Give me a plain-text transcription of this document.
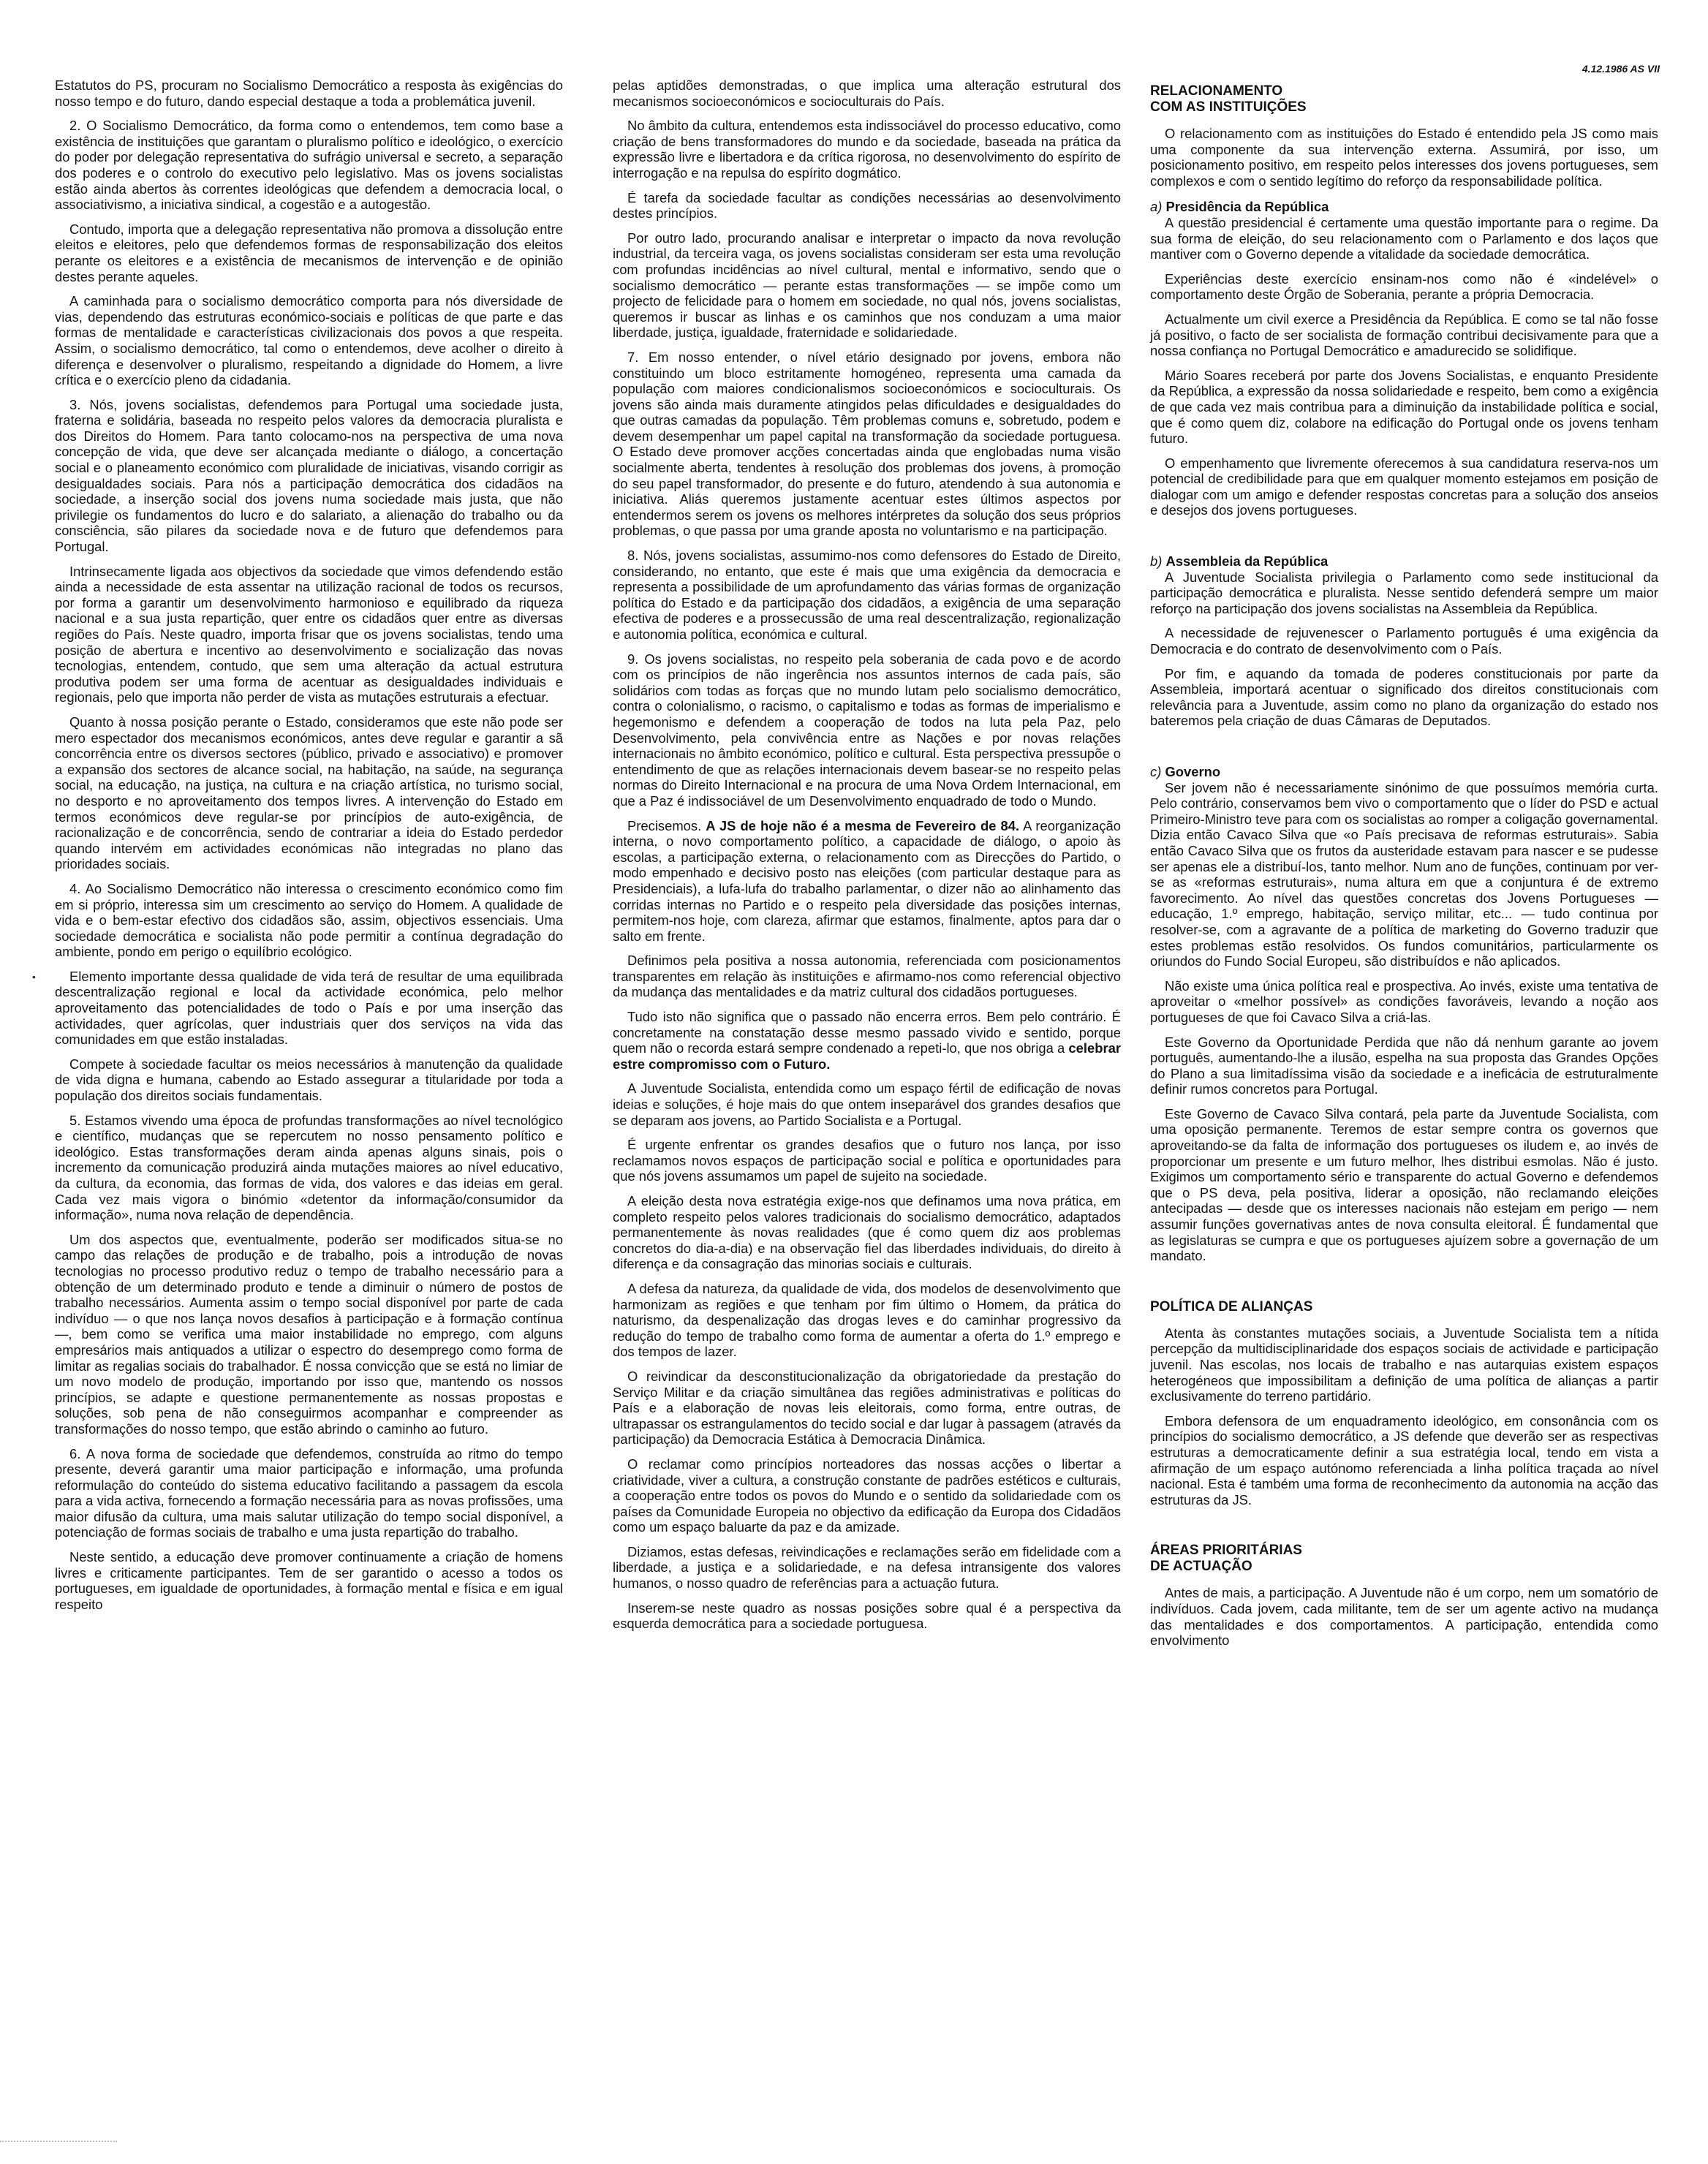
4.12.1986 AS VII

Estatutos do PS, procuram no Socialismo Democrático a resposta às exigências do nosso tempo e do futuro, dando especial destaque a toda a problemática juvenil.

2. O Socialismo Democrático, da forma como o entendemos, tem como base a existência de instituições que garantam o pluralismo político e ideológico, o exercício do poder por delegação representativa do sufrágio universal e secreto, a separação dos poderes e o controlo do executivo pelo legislativo. Mas os jovens socialistas estão ainda abertos às correntes ideológicas que defendem a democracia local, o associativismo, a iniciativa sindical, a cogestão e a autogestão.

Contudo, importa que a delegação representativa não promova a dissolução entre eleitos e eleitores, pelo que defendemos formas de responsabilização dos eleitos perante os eleitores e a existência de mecanismos de intervenção e de opinião destes perante aqueles.

A caminhada para o socialismo democrático comporta para nós diversidade de vias, dependendo das estruturas económico-sociais e políticas de que parte e das formas de mentalidade e características civilizacionais dos povos a que respeita. Assim, o socialismo democrático, tal como o entendemos, deve acolher o direito à diferença e desenvolver o pluralismo, respeitando a dignidade do Homem, a livre crítica e o exercício pleno da cidadania.

3. Nós, jovens socialistas, defendemos para Portugal uma sociedade justa, fraterna e solidária, baseada no respeito pelos valores da democracia pluralista e dos Direitos do Homem. Para tanto colocamo-nos na perspectiva de uma nova concepção de vida, que deve ser alcançada mediante o diálogo, a concertação social e o planeamento económico com pluralidade de iniciativas, visando corrigir as desigualdades sociais. Para nós a participação democrática dos cidadãos na sociedade, a inserção social dos jovens numa sociedade mais justa, que não privilegie os fundamentos do lucro e do salariato, a alienação do trabalho ou da consciência, são pilares da sociedade nova e de futuro que defendemos para Portugal.

Intrinsecamente ligada aos objectivos da sociedade que vimos defendendo estão ainda a necessidade de esta assentar na utilização racional de todos os recursos, por forma a garantir um desenvolvimento harmonioso e equilibrado da riqueza nacional e a sua justa repartição, quer entre os cidadãos quer entre as diversas regiões do País. Neste quadro, importa frisar que os jovens socialistas, tendo uma posição de abertura e incentivo ao desenvolvimento e socialização das novas tecnologias, entendem, contudo, que sem uma alteração da actual estrutura produtiva podem ser uma forma de acentuar as desigualdades individuais e regionais, pelo que importa não perder de vista as mutações estruturais a efectuar.

Quanto à nossa posição perante o Estado, consideramos que este não pode ser mero espectador dos mecanismos económicos, antes deve regular e garantir a sã concorrência entre os diversos sectores (público, privado e associativo) e promover a expansão dos sectores de alcance social, na habitação, na saúde, na segurança social, na educação, na justiça, na cultura e na criação artística, no turismo social, no desporto e no aproveitamento dos tempos livres. A intervenção do Estado em termos económicos deve regular-se por princípios de auto-exigência, de racionalização e de concorrência, sendo de contrariar a ideia do Estado perdedor quando intervém em actividades económicas não integradas no plano das prioridades sociais.

4. Ao Socialismo Democrático não interessa o crescimento económico como fim em si próprio, interessa sim um crescimento ao serviço do Homem. A qualidade de vida e o bem-estar efectivo dos cidadãos são, assim, objectivos essenciais. Uma sociedade democrática e socialista não pode permitir a contínua degradação do ambiente, pondo em perigo o equilíbrio ecológico.

Elemento importante dessa qualidade de vida terá de resultar de uma equilibrada descentralização regional e local da actividade económica, pelo melhor aproveitamento das potencialidades de todo o País e por uma inserção das actividades, quer agrícolas, quer industriais quer dos serviços na vida das comunidades em que estão instaladas.

Compete à sociedade facultar os meios necessários à manutenção da qualidade de vida digna e humana, cabendo ao Estado assegurar a titularidade por toda a população dos direitos sociais fundamentais.

5. Estamos vivendo uma época de profundas transformações ao nível tecnológico e científico, mudanças que se repercutem no nosso pensamento político e ideológico. Estas transformações deram ainda apenas alguns sinais, pois o incremento da comunicação produzirá ainda mutações maiores ao nível educativo, da cultura, da economia, das formas de vida, dos valores e das ideias em geral. Cada vez mais vigora o binómio «detentor da informação/consumidor da informação», numa nova relação de dependência.

Um dos aspectos que, eventualmente, poderão ser modificados situa-se no campo das relações de produção e de trabalho, pois a introdução de novas tecnologias no processo produtivo reduz o tempo de trabalho necessário para a obtenção de um determinado produto e tende a diminuir o número de postos de trabalho necessários. Aumenta assim o tempo social disponível por parte de cada indivíduo — o que nos lança novos desafios à participação e à formação contínua —, bem como se verifica uma maior instabilidade no emprego, com alguns empresários mais antiquados a utilizar o espectro do desemprego como forma de limitar as regalias sociais do trabalhador. É nossa convicção que se está no limiar de um novo modelo de produção, importando por isso que, mantendo os nossos princípios, se adapte e questione permanentemente as nossas propostas e soluções, sob pena de não conseguirmos acompanhar e compreender as transformações do nosso tempo, que estão abrindo o caminho ao futuro.

6. A nova forma de sociedade que defendemos, construída ao ritmo do tempo presente, deverá garantir uma maior participação e informação, uma profunda reformulação do conteúdo do sistema educativo facilitando a passagem da escola para a vida activa, fornecendo a formação necessária para as novas profissões, uma maior difusão da cultura, uma mais salutar utilização do tempo social disponível, a potenciação de formas sociais de trabalho e uma justa repartição do trabalho.

Neste sentido, a educação deve promover continuamente a criação de homens livres e criticamente participantes. Tem de ser garantido o acesso a todos os portugueses, em igualdade de oportunidades, à formação mental e física e em igual respeito

pelas aptidões demonstradas, o que implica uma alteração estrutural dos mecanismos socioeconómicos e socioculturais do País.

No âmbito da cultura, entendemos esta indissociável do processo educativo, como criação de bens transformadores do mundo e da sociedade, baseada na prática da expressão livre e libertadora e da crítica rigorosa, no desenvolvimento do espírito de interrogação e na repulsa do espírito dogmático.

É tarefa da sociedade facultar as condições necessárias ao desenvolvimento destes princípios.

Por outro lado, procurando analisar e interpretar o impacto da nova revolução industrial, da terceira vaga, os jovens socialistas consideram ser esta uma revolução com profundas incidências ao nível cultural, mental e informativo, sendo que o socialismo democrático — perante estas transformações — se impõe como um projecto de felicidade para o homem em sociedade, no qual nós, jovens socialistas, queremos ir buscar as linhas e os caminhos que nos conduzam a uma maior liberdade, justiça, igualdade, fraternidade e solidariedade.

7. Em nosso entender, o nível etário designado por jovens, embora não constituindo um bloco estritamente homogéneo, representa uma camada da população com maiores condicionalismos socioeconómicos e socioculturais. Os jovens são ainda mais duramente atingidos pelas dificuldades e desigualdades do que outras camadas da população. Têm problemas comuns e, sobretudo, podem e devem desempenhar um papel capital na transformação da sociedade portuguesa. O Estado deve promover acções concertadas ainda que englobadas numa visão socialmente aberta, tendentes à resolução dos problemas dos jovens, à promoção do seu papel transformador, do presente e do futuro, atendendo à sua autonomia e iniciativa. Aliás queremos justamente acentuar estes últimos aspectos por entendermos serem os jovens os melhores intérpretes da solução dos seus próprios problemas, o que passa por uma grande aposta no voluntarismo e na participação.

8. Nós, jovens socialistas, assumimo-nos como defensores do Estado de Direito, considerando, no entanto, que este é mais que uma exigência da democracia e representa a possibilidade de um aprofundamento das várias formas de organização política do Estado e da participação dos cidadãos, a exigência de uma separação efectiva de poderes e a prossecussão de uma real descentralização, regionalização e autonomia política, económica e cultural.

9. Os jovens socialistas, no respeito pela soberania de cada povo e de acordo com os princípios de não ingerência nos assuntos internos de cada país, são solidários com todas as forças que no mundo lutam pelo socialismo democrático, contra o colonialismo, o racismo, o capitalismo e todas as formas de imperialismo e hegemonismo e defendem a cooperação de todos na luta pela Paz, pelo Desenvolvimento, pela convivência entre as Nações e por novas relações internacionais no âmbito económico, político e cultural. Esta perspectiva pressupõe o entendimento de que as relações internacionais devem basear-se no respeito pelas normas do Direito Internacional e na procura de uma Nova Ordem Internacional, em que a Paz é indissociável de um Desenvolvimento enquadrado de todo o Mundo.

Precisemos. A JS de hoje não é a mesma de Fevereiro de 84. A reorganização interna, o novo comportamento político, a capacidade de diálogo, o apoio às escolas, a participação externa, o relacionamento com as Direcções do Partido, o modo empenhado e decisivo posto nas eleições (com particular destaque para as Presidenciais), a lufa-lufa do trabalho parlamentar, o dizer não ao alinhamento das corridas internas no Partido e o respeito pela diversidade das posições internas, permitem-nos hoje, com clareza, afirmar que estamos, finalmente, aptos para dar o salto em frente.

Definimos pela positiva a nossa autonomia, referenciada com posicionamentos transparentes em relação às instituições e afirmamo-nos como referencial objectivo da mudança das mentalidades e da matriz cultural dos cidadãos portugueses.

Tudo isto não significa que o passado não encerra erros. Bem pelo contrário. É concretamente na constatação desse mesmo passado vivido e sentido, porque quem não o recorda estará sempre condenado a repeti-lo, que nos obriga a celebrar estre compromisso com o Futuro.

A Juventude Socialista, entendida como um espaço fértil de edificação de novas ideias e soluções, é hoje mais do que ontem inseparável dos grandes desafios que se deparam aos jovens, ao Partido Socialista e a Portugal.

É urgente enfrentar os grandes desafios que o futuro nos lança, por isso reclamamos novos espaços de participação social e política e oportunidades para que nós jovens assumamos um papel de sujeito na sociedade.

A eleição desta nova estratégia exige-nos que definamos uma nova prática, em completo respeito pelos valores tradicionais do socialismo democrático, adaptados permanentemente às novas realidades (que é como quem diz aos problemas concretos do dia-a-dia) e na observação fiel das liberdades individuais, do direito à diferença e da consagração das minorias sociais e culturais.

A defesa da natureza, da qualidade de vida, dos modelos de desenvolvimento que harmonizam as regiões e que tenham por fim último o Homem, da prática do naturismo, da despenalização das drogas leves e do caminhar progressivo da redução do tempo de trabalho como forma de aumentar a oferta do 1.º emprego e dos tempos de lazer.

O reivindicar da desconstitucionalização da obrigatoriedade da prestação do Serviço Militar e da criação simultânea das regiões administrativas e políticas do País e a elaboração de novas leis eleitorais, como forma, entre outras, de ultrapassar os estrangulamentos do tecido social e dar lugar à passagem (através da participação) da Democracia Estática à Democracia Dinâmica.

O reclamar como princípios norteadores das nossas acções o libertar a criatividade, viver a cultura, a construção constante de padrões estéticos e culturais, a cooperação entre todos os povos do Mundo e o sentido da solidariedade com os países da Comunidade Europeia no objectivo da edificação da Europa dos Cidadãos como um espaço baluarte da paz e da amizade.

Diziamos, estas defesas, reivindicações e reclamações serão em fidelidade com a liberdade, a justiça e a solidariedade, e na defesa intransigente dos valores humanos, o nosso quadro de referências para a actuação futura.

Inserem-se neste quadro as nossas posições sobre qual é a perspectiva da esquerda democrática para a sociedade portuguesa.

RELACIONAMENTO
COM AS INSTITUIÇÕES

O relacionamento com as instituições do Estado é entendido pela JS como mais uma componente da sua intervenção externa. Assumirá, por isso, um posicionamento positivo, em respeito pelos interesses dos jovens portugueses, sem complexos e com o sentido legítimo do reforço da responsabilidade política.

a) Presidência da República

A questão presidencial é certamente uma questão importante para o regime. Da sua forma de eleição, do seu relacionamento com o Parlamento e dos laços que mantiver com o Governo depende a vitalidade da sociedade democrática.

Experiências deste exercício ensinam-nos como não é «indelével» o comportamento deste Órgão de Soberania, perante a própria Democracia.

Actualmente um civil exerce a Presidência da República. E como se tal não fosse já positivo, o facto de ser socialista de formação contribui decisivamente para que a nossa confiança no Portugal Democrático e amadurecido se solidifique.

Mário Soares receberá por parte dos Jovens Socialistas, e enquanto Presidente da República, a expressão da nossa solidariedade e respeito, bem como a exigência de que cada vez mais contribua para a diminuição da instabilidade política e social, que é como quem diz, colabore na edificação do Portugal onde os jovens tenham futuro.

O empenhamento que livremente oferecemos à sua candidatura reserva-nos um potencial de credibilidade para que em qualquer momento estejamos em posição de dialogar com um amigo e defender respostas concretas para a solução dos anseios e desejos dos jovens portugueses.

b) Assembleia da República

A Juventude Socialista privilegia o Parlamento como sede institucional da participação democrática e pluralista. Nesse sentido defenderá sempre um maior reforço na participação dos jovens socialistas na Assembleia da República.

A necessidade de rejuvenescer o Parlamento português é uma exigência da Democracia e do contrato de desenvolvimento com o País.

Por fim, e aquando da tomada de poderes constitucionais por parte da Assembleia, importará acentuar o significado dos direitos constitucionais com relevância para a Juventude, assim como no plano da organização do estado nos bateremos pela criação de duas Câmaras de Deputados.

c) Governo

Ser jovem não é necessariamente sinónimo de que possuímos memória curta. Pelo contrário, conservamos bem vivo o comportamento que o líder do PSD e actual Primeiro-Ministro teve para com os socialistas ao romper a coligação governamental. Dizia então Cavaco Silva que «o País precisava de reformas estruturais». Sabia então Cavaco Silva que os frutos da austeridade estavam para nascer e se pudesse ser apenas ele a distribuí-los, tanto melhor. Num ano de funções, continuam por ver-se as «reformas estruturais», numa altura em que a conjuntura é de extremo favorecimento. Ao nível das questões concretas dos Jovens Portugueses — educação, 1.º emprego, habitação, serviço militar, etc... — tudo continua por resolver-se, com a agravante de a política de marketing do Governo traduzir que estes problemas estão resolvidos. Os fundos comunitários, particularmente os oriundos do Fundo Social Europeu, são distribuídos e não aplicados.

Não existe uma única política real e prospectiva. Ao invés, existe uma tentativa de aproveitar o «melhor possível» as condições favoráveis, levando a noção aos portugueses de que foi Cavaco Silva a criá-las.

Este Governo da Oportunidade Perdida que não dá nenhum garante ao jovem português, aumentando-lhe a ilusão, espelha na sua proposta das Grandes Opções do Plano a sua limitadíssima visão da sociedade e a ineficácia de estruturalmente definir rumos concretos para Portugal.

Este Governo de Cavaco Silva contará, pela parte da Juventude Socialista, com uma oposição permanente. Teremos de estar sempre contra os governos que aproveitando-se da falta de informação dos portugueses os iludem e, ao invés de proporcionar um presente e um futuro melhor, lhes distribui esmolas. Não é justo. Exigimos um comportamento sério e transparente do actual Governo e defendemos que o PS deva, pela positiva, liderar a oposição, não reclamando eleições antecipadas — desde que os interesses nacionais não estejam em perigo — nem assumir funções governativas antes de nova consulta eleitoral. É fundamental que as legislaturas se cumpra e que os portugueses ajuízem sobre a governação de um mandato.

POLÍTICA DE ALIANÇAS

Atenta às constantes mutações sociais, a Juventude Socialista tem a nítida percepção da multidisciplinaridade dos espaços sociais de actividade e participação juvenil. Nas escolas, nos locais de trabalho e nas autarquias existem espaços heterogéneos que impossibilitam a definição de uma política de alianças a partir exclusivamente do terreno partidário.

Embora defensora de um enquadramento ideológico, em consonância com os princípios do socialismo democrático, a JS defende que deverão ser as respectivas estruturas a democraticamente definir a sua estratégia local, tendo em vista a afirmação de um espaço autónomo referenciada a linha política traçada ao nível nacional. Esta é também uma forma de reconhecimento da autonomia na acção das estruturas da JS.

ÁREAS PRIORITÁRIAS
DE ACTUAÇÃO

Antes de mais, a participação. A Juventude não é um corpo, nem um somatório de indivíduos. Cada jovem, cada militante, tem de ser um agente activo na mudança das mentalidades e dos comportamentos. A participação, entendida como envolvimento

•
